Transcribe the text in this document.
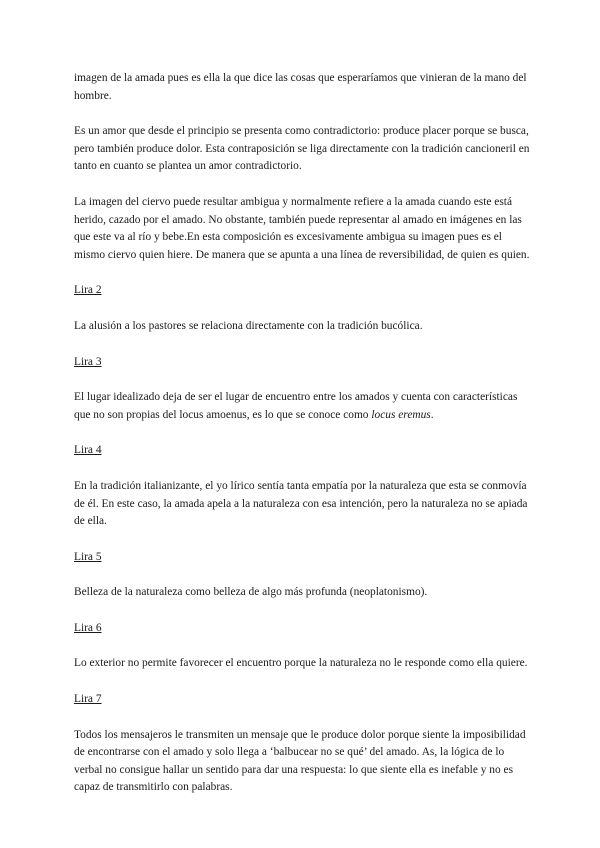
imagen de la amada pues es ella la que dice las cosas que esperaríamos que vinieran de la mano del hombre.

Es un amor que desde el principio se presenta como contradictorio: produce placer porque se busca, pero también produce dolor. Esta contraposición se liga directamente con la tradición cancioneril en tanto en cuanto se plantea un amor contradictorio.

La imagen del ciervo puede resultar ambigua y normalmente refiere a la amada cuando este está herido, cazado por el amado. No obstante, también puede representar al amado en imágenes en las que este va al río y bebe.En esta composición es excesivamente ambigua su imagen pues es el mismo ciervo quien hiere. De manera que se apunta a una línea de reversibilidad, de quien es quien.

Lira 2

La alusión a los pastores se relaciona directamente con la tradición bucólica.

Lira 3

El lugar idealizado deja de ser el lugar de encuentro entre los amados y cuenta con características que no son propias del locus amoenus, es lo que se conoce como locus eremus.

Lira 4

En la tradición italianizante, el yo lírico sentía tanta empatía por la naturaleza que esta se conmovía de él. En este caso, la amada apela a la naturaleza con esa intención, pero la naturaleza no se apiada de ella.

Lira 5

Belleza de la naturaleza como belleza de algo más profunda (neoplatonismo).

Lira 6

Lo exterior no permite favorecer el encuentro porque la naturaleza no le responde como ella quiere.

Lira 7

Todos los mensajeros le transmiten un mensaje que le produce dolor porque siente la imposibilidad de encontrarse con el amado y solo llega a ‘balbucear no se qué’ del amado. As, la lógica de lo verbal no consigue hallar un sentido para dar una respuesta: lo que siente ella es inefable y no es capaz de transmitirlo con palabras.
